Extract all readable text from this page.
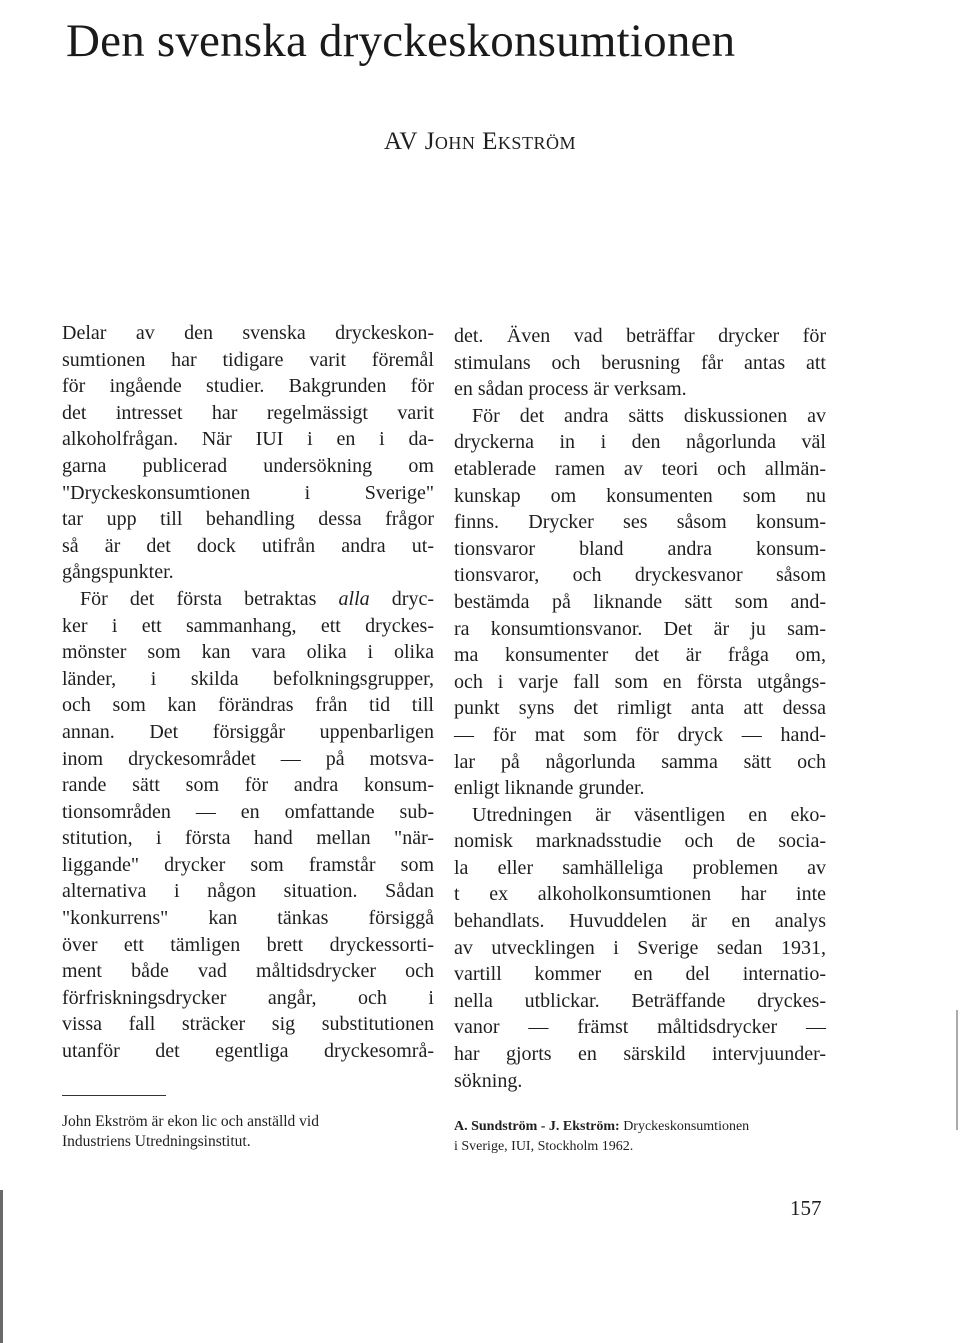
Den svenska dryckeskonsumtionen
AV John Ekström
Delar av den svenska dryckeskon-
sumtionen har tidigare varit föremål
för ingående studier. Bakgrunden för
det intresset har regelmässigt varit
alkoholfrågan. När IUI i en i da-
garna publicerad undersökning om
"Dryckeskonsumtionen i Sverige"
tar upp till behandling dessa frågor
så är det dock utifrån andra ut-
gångspunkter.
För det första betraktas alla dryc-
ker i ett sammanhang, ett dryckes-
mönster som kan vara olika i olika
länder, i skilda befolkningsgrupper,
och som kan förändras från tid till
annan. Det försiggår uppenbarligen
inom dryckesområdet — på motsva-
rande sätt som för andra konsum-
tionsområden — en omfattande sub-
stitution, i första hand mellan "när-
liggande" drycker som framstår som
alternativa i någon situation. Sådan
"konkurrens" kan tänkas försiggå
över ett tämligen brett dryckessorti-
ment både vad måltidsdrycker och
förfriskningsdrycker angår, och i
vissa fall sträcker sig substitutionen
utanför det egentliga dryckesområ-
det. Även vad beträffar drycker för
stimulans och berusning får antas att
en sådan process är verksam.
För det andra sätts diskussionen av
dryckerna in i den någorlunda väl
etablerade ramen av teori och allmän-
kunskap om konsumenten som nu
finns. Drycker ses såsom konsum-
tionsvaror bland andra konsum-
tionsvaror, och dryckesvanor såsom
bestämda på liknande sätt som and-
ra konsumtionsvanor. Det är ju sam-
ma konsumenter det är fråga om,
och i varje fall som en första utgångs-
punkt syns det rimligt anta att dessa
— för mat som för dryck — hand-
lar på någorlunda samma sätt och
enligt liknande grunder.
Utredningen är väsentligen en eko-
nomisk marknadsstudie och de socia-
la eller samhälleliga problemen av
t ex alkoholkonsumtionen har inte
behandlats. Huvuddelen är en analys
av utvecklingen i Sverige sedan 1931,
vartill kommer en del internatio-
nella utblickar. Beträffande dryckes-
vanor — främst måltidsdrycker —
har gjorts en särskild intervjuunder-
sökning.
John Ekström är ekon lic och anställd vid
Industriens Utredningsinstitut.
A. Sundström - J. Ekström: Dryckeskonsumtionen
i Sverige, IUI, Stockholm 1962.
157
